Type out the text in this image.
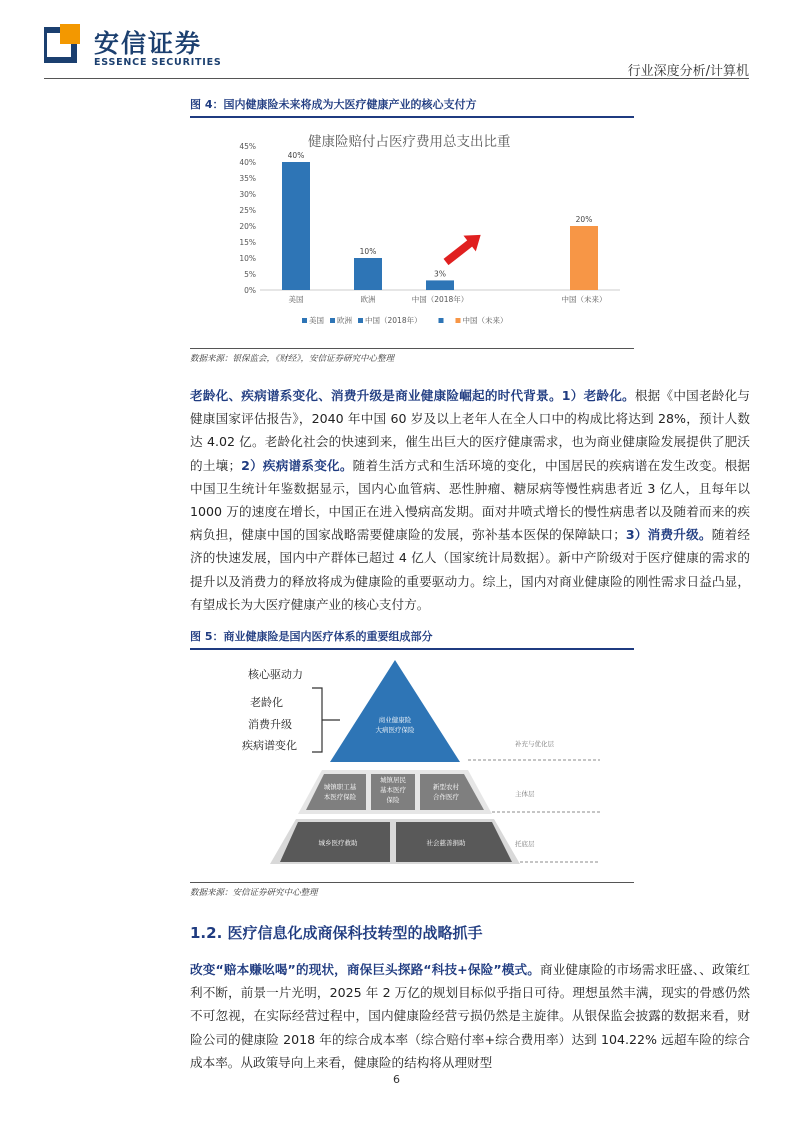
安信证券
ESSENCE SECURITIES
行业深度分析/计算机
图 4：国内健康险未来将成为大医疗健康产业的核心支付方
健康险赔付占医疗费用总支出比重
0%
5%
10%
15%
20%
25%
30%
35%
40%
45%
40%
10%
3%
20%
美国	欧洲	中国（2018年）	中国（未来）
美国 欧洲 中国（2018年）	中国（未来）
数据来源：银保监会，《财经》，安信证券研究中心整理
老龄化、疾病谱系变化、消费升级是商业健康险崛起的时代背景。1）老龄化。根据《中国老龄化与健康国家评估报告》，2040 年中国 60 岁及以上老年人在全人口中的构成比将达到 28%，预计人数达 4.02 亿。老龄化社会的快速到来，催生出巨大的医疗健康需求，也为商业健康险发展提供了肥沃的土壤；2）疾病谱系变化。随着生活方式和生活环境的变化，中国居民的疾病谱在发生改变。根据中国卫生统计年鉴数据显示，国内心血管病、恶性肿瘤、糖尿病等慢性病患者近 3 亿人，且每年以 1000 万的速度在增长，中国正在进入慢病高发期。面对井喷式增长的慢性病患者以及随着而来的疾病负担，健康中国的国家战略需要健康险的发展，弥补基本医保的保障缺口；3）消费升级。随着经济的快速发展，国内中产群体已超过 4 亿人（国家统计局数据）。新中产阶级对于医疗健康的需求的提升以及消费力的释放将成为健康险的重要驱动力。综上，国内对商业健康险的刚性需求日益凸显，有望成长为大医疗健康产业的核心支付方。
图 5：商业健康险是国内医疗体系的重要组成部分
核心驱动力
老龄化
消费升级
疾病谱变化
商业健康险
大病医疗保险
补充与优化层
城镇职工基
本医疗保险
城镇居民
基本医疗
保险
新型农村
合作医疗	主体层
城乡医疗救助	社会慈善捐助	托底层
数据来源：安信证券研究中心整理
1.2. 医疗信息化成商保科技转型的战略抓手
改变“赔本赚吆喝”的现状，商保巨头探路“科技+保险”模式。商业健康险的市场需求旺盛、、政策红利不断，前景一片光明，2025 年 2 万亿的规划目标似乎指日可待。理想虽然丰满，现实的骨感仍然不可忽视，在实际经营过程中，国内健康险经营亏损仍然是主旋律。从银保监会披露的数据来看，财险公司的健康险 2018 年的综合成本率（综合赔付率+综合费用率）达到 104.22% 远超车险的综合成本率。从政策导向上来看，健康险的结构将从理财型
6
